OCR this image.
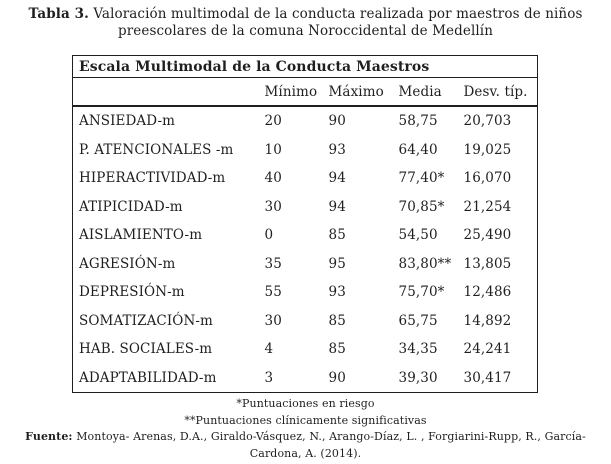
Tabla 3. Valoración multimodal de la conducta realizada por maestros de niños
preescolares de la comuna Noroccidental de Medellín
Escala Multimodal de la Conducta Maestros				
	Mínimo	Máximo	Media	Desv. típ.
ANSIEDAD-m	20	90	58,75	20,703
P. ATENCIONALES -m	10	93	64,40	19,025
HIPERACTIVIDAD-m	40	94	77,40*	16,070
ATIPICIDAD-m	30	94	70,85*	21,254
AISLAMIENTO-m	0	85	54,50	25,490
AGRESIÓN-m	35	95	83,80**	13,805
DEPRESIÓN-m	55	93	75,70*	12,486
SOMATIZACIÓN-m	30	85	65,75	14,892
HAB. SOCIALES-m	4	85	34,35	24,241
ADAPTABILIDAD-m	3	90	39,30	30,417
*Puntuaciones en riesgo
**Puntuaciones clínicamente significativas
Fuente: Montoya- Arenas, D.A., Giraldo-Vásquez, N., Arango-Díaz, L. , Forgiarini-Rupp, R., García-
Cardona, A. (2014).
